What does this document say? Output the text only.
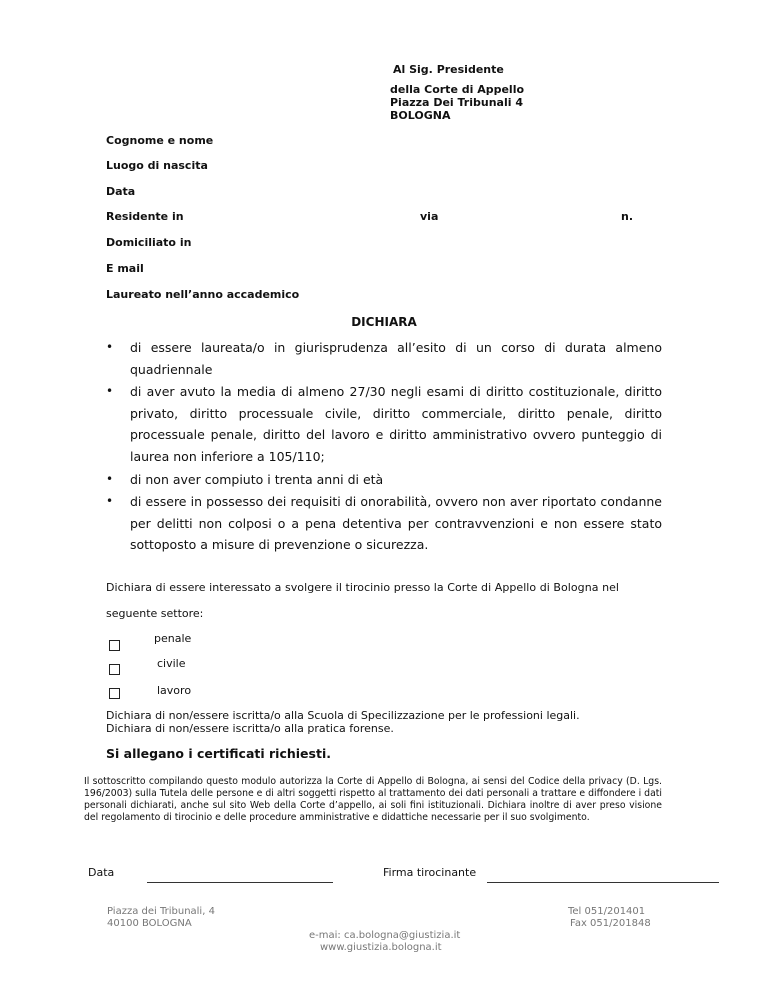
Al Sig. Presidente
della Corte di Appello
Piazza Dei Tribunali 4
BOLOGNA
Cognome e nome
Luogo di nascita
Data
Residente in	via	n.
Domiciliato in
E mail
Laureato nell’anno accademico
DICHIARA
• di essere laureata/o in giurisprudenza all’esito di un corso di durata almeno quadriennale
• di aver avuto la media di almeno 27/30 negli esami di diritto costituzionale, diritto privato, diritto processuale civile, diritto commerciale, diritto penale, diritto processuale penale, diritto del lavoro e diritto amministrativo ovvero punteggio di laurea non inferiore a 105/110;
• di non aver compiuto i trenta anni di età
• di essere in possesso dei requisiti di onorabilità, ovvero non aver riportato condanne per delitti non colposi o a pena detentiva per contravvenzioni e non essere stato sottoposto a misure di prevenzione o sicurezza.
Dichiara di essere interessato a svolgere il tirocinio presso la Corte di Appello di Bologna nel
seguente settore:
penale
civile
lavoro
Dichiara di non/essere iscritta/o alla Scuola di Specilizzazione per le professioni legali.
Dichiara di non/essere iscritta/o alla pratica forense.
Si allegano i certificati richiesti.
Il sottoscritto compilando questo modulo autorizza la Corte di Appello di Bologna, ai sensi del Codice della privacy (D. Lgs. 196/2003) sulla Tutela delle persone e di altri soggetti rispetto al trattamento dei dati personali a trattare e diffondere i dati personali dichiarati, anche sul sito Web della Corte d’appello, ai soli fini istituzionali. Dichiara inoltre di aver preso visione del regolamento di tirocinio e delle procedure amministrative e didattiche necessarie per il suo svolgimento.
Data	Firma tirocinante
Piazza dei Tribunali, 4
40100 BOLOGNA
e-mai: ca.bologna@giustizia.it
www.giustizia.bologna.it
Tel 051/201401
Fax 051/201848
